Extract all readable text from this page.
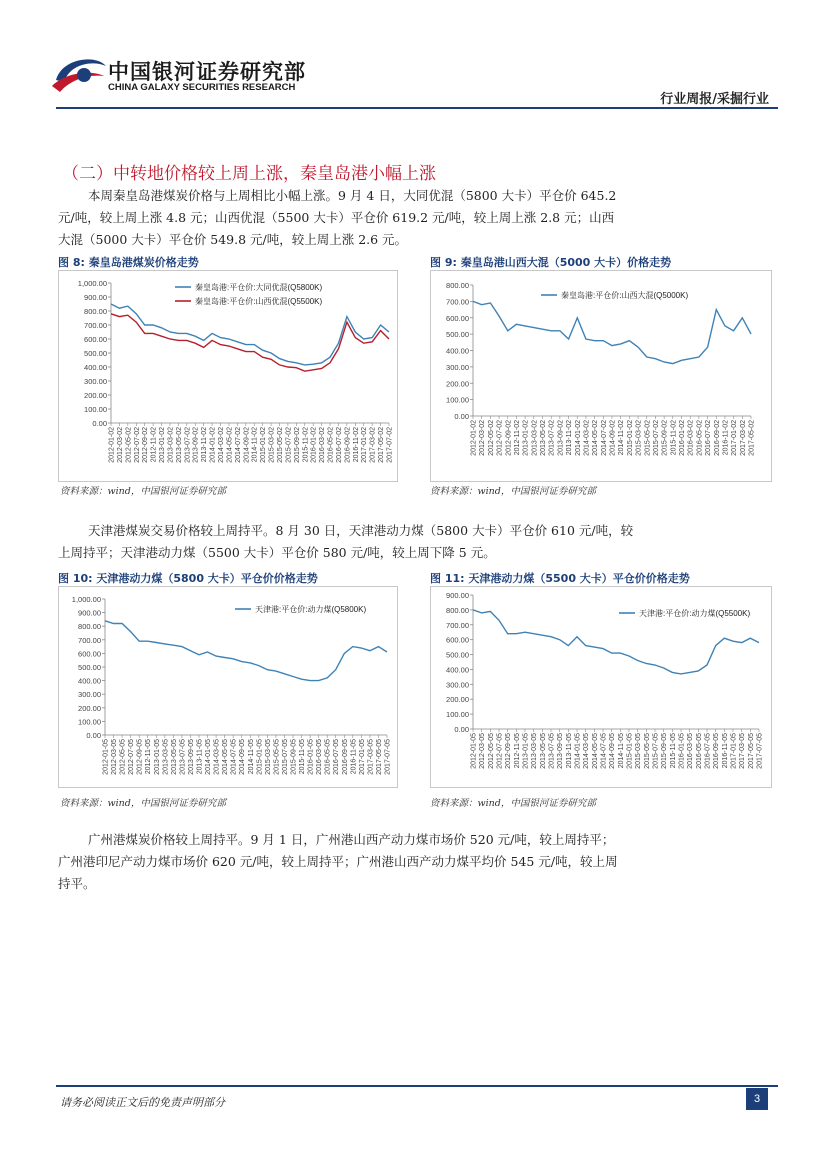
中国银河证券研究部
CHINA GALAXY SECURITIES RESEARCH
行业周报/采掘行业
（二）中转地价格较上周上涨，秦皇岛港小幅上涨
本周秦皇岛港煤炭价格与上周相比小幅上涨。9 月 4 日，大同优混（5800 大卡）平仓价 645.2 元/吨，较上周上涨 4.8 元；山西优混（5500 大卡）平仓价 619.2 元/吨，较上周上涨 2.8 元；山西大混（5000 大卡）平仓价 549.8 元/吨，较上周上涨 2.6 元。
图 8: 秦皇岛港煤炭价格走势
0.00
100.00
200.00
300.00
400.00
500.00
600.00
700.00
800.00
900.00
1,000.00
2012-01-02 2012-03-02 2012-05-02 2012-07-02 2012-09-02 2012-11-02 2013-01-02 2013-03-02 2013-05-02 2013-07-02 2013-09-02 2013-11-02 2014-01-02 2014-03-02 2014-05-02 2014-07-02 2014-09-02 2014-11-02 2015-01-02 2015-03-02 2015-05-02 2015-07-02 2015-09-02 2015-11-02 2016-01-02 2016-03-02 2016-05-02 2016-07-02 2016-09-02 2016-11-02 2017-01-02 2017-03-02 2017-05-02 2017-07-02
秦皇岛港:平仓价:大同优混(Q5800K)
秦皇岛港:平仓价:山西优混(Q5500K)
资料来源：wind，中国银河证券研究部
图 9: 秦皇岛港山西大混（5000 大卡）价格走势
0.00
100.00
200.00
300.00
400.00
500.00
600.00
700.00
800.00
2012-01-02 2012-03-02 2012-05-02 2012-07-02 2012-09-02 2012-11-02 2013-01-02 2013-03-02 2013-05-02 2013-07-02 2013-09-02 2013-11-02 2014-01-02 2014-03-02 2014-05-02 2014-07-02 2014-09-02 2014-11-02 2015-01-02 2015-03-02 2015-05-02 2015-07-02 2015-09-02 2015-11-02 2016-01-02 2016-03-02 2016-05-02 2016-07-02 2016-09-02 2016-11-02 2017-01-02 2017-03-02 2017-05-02
秦皇岛港:平仓价:山西大混(Q5000K)
资料来源：wind，中国银河证券研究部
天津港煤炭交易价格较上周持平。8 月 30 日，天津港动力煤（5800 大卡）平仓价 610 元/吨，较上周持平；天津港动力煤（5500 大卡）平仓价 580 元/吨，较上周下降 5 元。
图 10: 天津港动力煤（5800 大卡）平仓价价格走势
0.00
100.00
200.00
300.00
400.00
500.00
600.00
700.00
800.00
900.00
1,000.00
2012-01-05 2012-03-05 2012-05-05 2012-07-05 2012-09-05 2012-11-05 2013-01-05 2013-03-05 2013-05-05 2013-07-05 2013-09-05 2013-11-05 2014-01-05 2014-03-05 2014-05-05 2014-07-05 2014-09-05 2014-11-05 2015-01-05 2015-03-05 2015-05-05 2015-07-05 2015-09-05 2015-11-05 2016-01-05 2016-03-05 2016-05-05 2016-07-05 2016-09-05 2016-11-05 2017-01-05 2017-03-05 2017-05-05 2017-07-05
天津港:平仓价:动力煤(Q5800K)
资料来源：wind，中国银河证券研究部
图 11: 天津港动力煤（5500 大卡）平仓价价格走势
0.00
100.00
200.00
300.00
400.00
500.00
600.00
700.00
800.00
900.00
2012-01-05 2012-03-05 2012-05-05 2012-07-05 2012-09-05 2012-11-05 2013-01-05 2013-03-05 2013-05-05 2013-07-05 2013-09-05 2013-11-05 2014-01-05 2014-03-05 2014-05-05 2014-07-05 2014-09-05 2014-11-05 2015-01-05 2015-03-05 2015-05-05 2015-07-05 2015-09-05 2015-11-05 2016-01-05 2016-03-05 2016-05-05 2016-07-05 2016-09-05 2016-11-05 2017-01-05 2017-03-05 2017-05-05 2017-07-05
天津港:平仓价:动力煤(Q5500K)
资料来源：wind，中国银河证券研究部
广州港煤炭价格较上周持平。9 月 1 日，广州港山西产动力煤市场价 520 元/吨，较上周持平；广州港印尼产动力煤市场价 620 元/吨，较上周持平；广州港山西产动力煤平均价 545 元/吨，较上周持平。
请务必阅读正文后的免责声明部分	3
